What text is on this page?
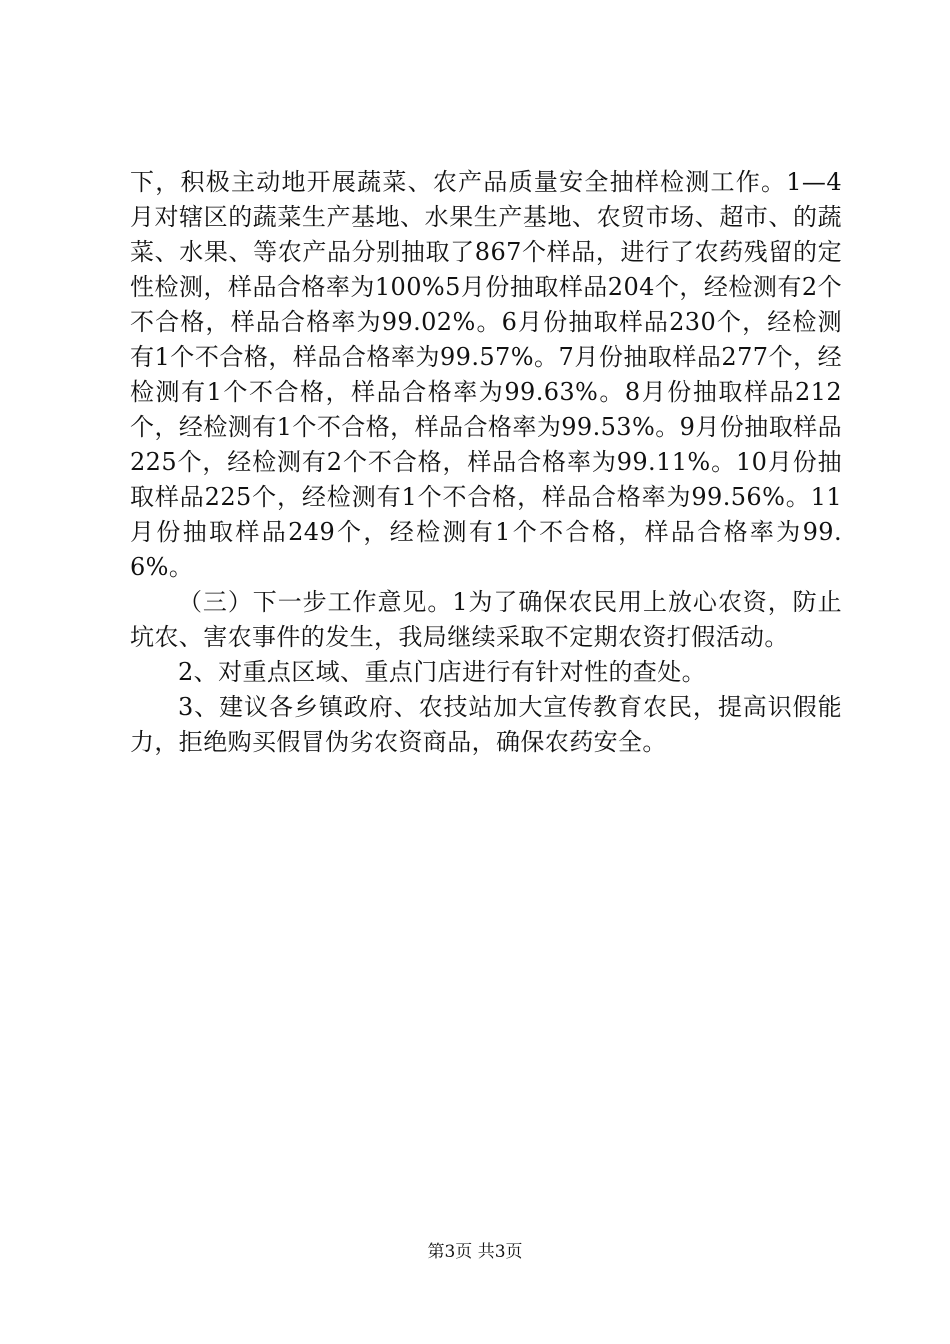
下，积极主动地开展蔬菜、农产品质量安全抽样检测工作。1—4月对辖区的蔬菜生产基地、水果生产基地、农贸市场、超市、的蔬菜、水果、等农产品分别抽取了867个样品，进行了农药残留的定性检测，样品合格率为100%5月份抽取样品204个，经检测有2个不合格，样品合格率为99.02%。6月份抽取样品230个，经检测有1个不合格，样品合格率为99.57%。7月份抽取样品277个，经检测有1个不合格，样品合格率为99.63%。8月份抽取样品212个，经检测有1个不合格，样品合格率为99.53%。9月份抽取样品225个，经检测有2个不合格，样品合格率为99.11%。10月份抽取样品225个，经检测有1个不合格，样品合格率为99.56%。11月份抽取样品249个，经检测有1个不合格，样品合格率为99.6%。

（三）下一步工作意见。1为了确保农民用上放心农资，防止坑农、害农事件的发生，我局继续采取不定期农资打假活动。

2、对重点区域、重点门店进行有针对性的查处。

3、建议各乡镇政府、农技站加大宣传教育农民，提高识假能力，拒绝购买假冒伪劣农资商品，确保农药安全。

第3页 共3页
